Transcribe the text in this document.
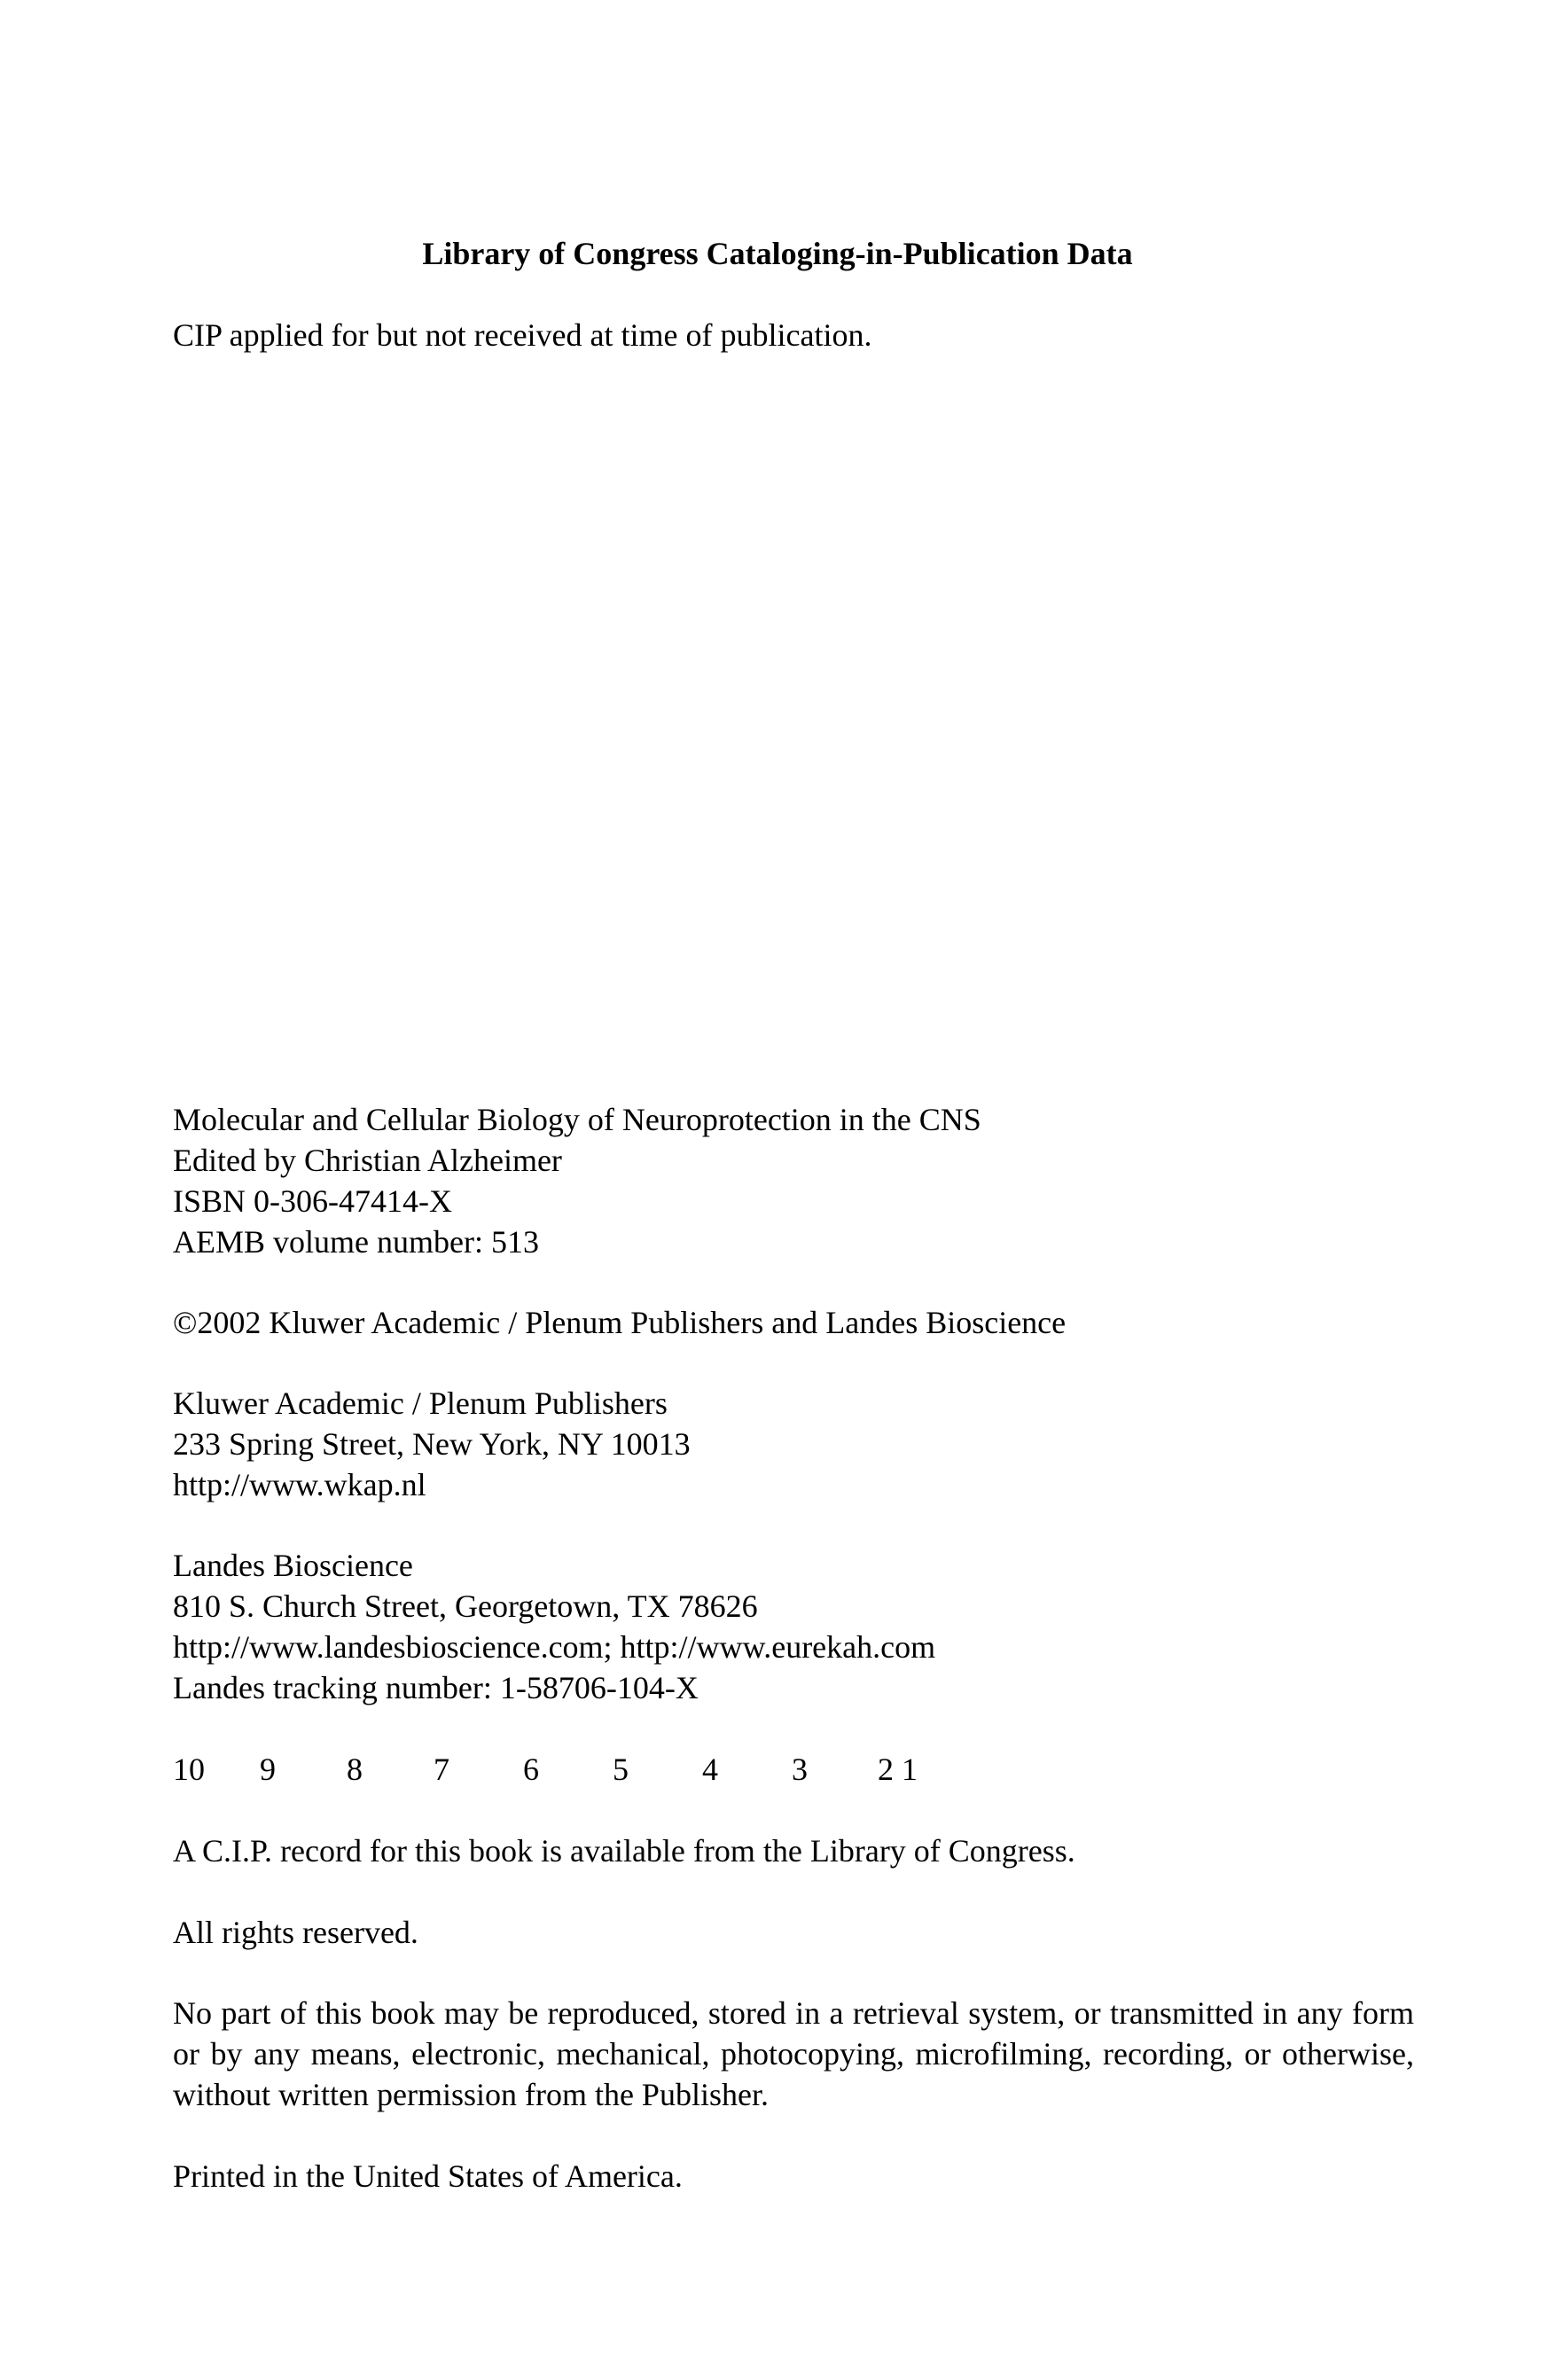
Library of Congress Cataloging-in-Publication Data
CIP applied for but not received at time of publication.
Molecular and Cellular Biology of Neuroprotection in the CNS
Edited by Christian Alzheimer
ISBN 0-306-47414-X
AEMB volume number: 513
©2002 Kluwer Academic / Plenum Publishers and Landes Bioscience
Kluwer Academic / Plenum Publishers
233 Spring Street, New York, NY 10013
http://www.wkap.nl
Landes Bioscience
810 S. Church Street, Georgetown, TX 78626
http://www.landesbioscience.com; http://www.eurekah.com
Landes tracking number: 1-58706-104-X
10 9 8 7 6 5 4 3 2 1
A C.I.P. record for this book is available from the Library of Congress.
All rights reserved.
No part of this book may be reproduced, stored in a retrieval system, or transmitted in any form or by any means, electronic, mechanical, photocopying, microfilming, recording, or otherwise, without written permission from the Publisher.
Printed in the United States of America.
